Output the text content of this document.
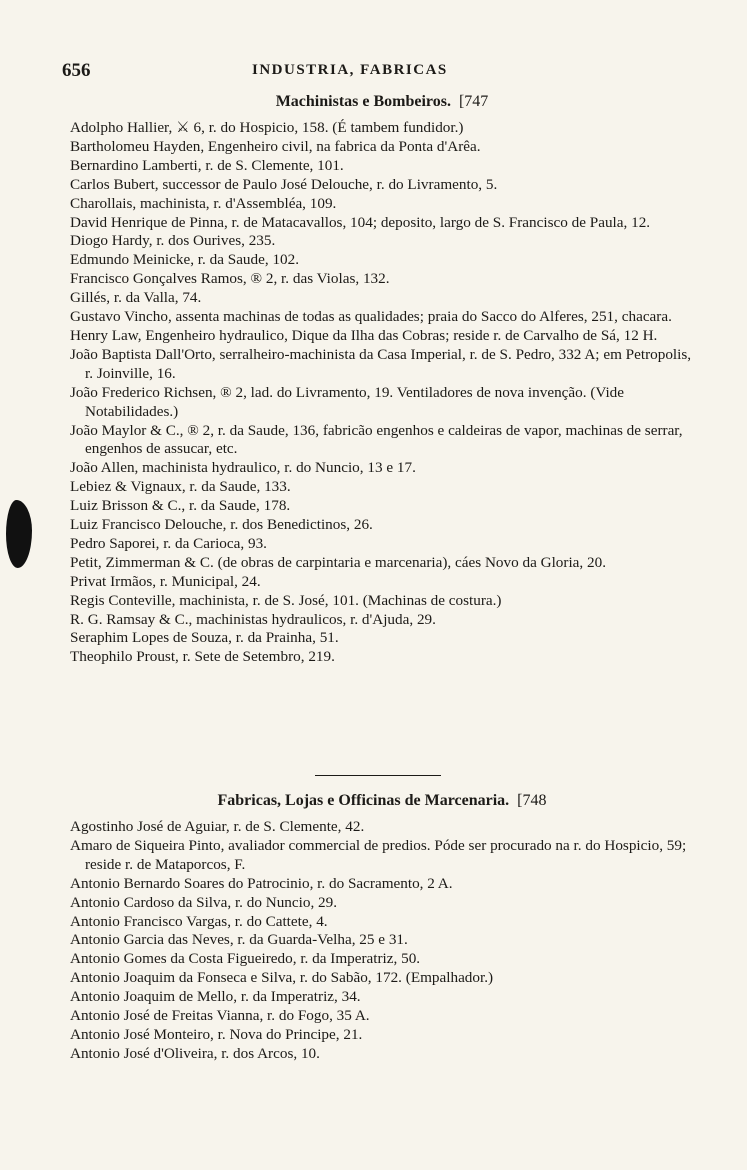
656	INDUSTRIA, FABRICAS
Machinistas e Bombeiros. [747

Adolpho Hallier, ⚔ 6, r. do Hospicio, 158. (É tambem fundidor.)

Bartholomeu Hayden, Engenheiro civil, na fabrica da Ponta d'Arêa.

Bernardino Lamberti, r. de S. Clemente, 101.

Carlos Bubert, successor de Paulo José Delouche, r. do Livramento, 5.

Charollais, machinista, r. d'Assembléa, 109.

David Henrique de Pinna, r. de Matacavallos, 104; deposito, largo de S. Francisco de Paula, 12.

Diogo Hardy, r. dos Ourives, 235.

Edmundo Meinicke, r. da Saude, 102.

Francisco Gonçalves Ramos, ® 2, r. das Violas, 132.

Gillés, r. da Valla, 74.

Gustavo Vincho, assenta machinas de todas as qualidades; praia do Sacco do Alferes, 251, chacara.

Henry Law, Engenheiro hydraulico, Dique da Ilha das Cobras; reside r. de Carvalho de Sá, 12 H.

João Baptista Dall'Orto, serralheiro-machinista da Casa Imperial, r. de S. Pedro, 332 A; em Petropolis, r. Joinville, 16.

João Frederico Richsen, ® 2, lad. do Livramento, 19. Ventiladores de nova invenção. (Vide Notabilidades.)

João Maylor & C., ® 2, r. da Saude, 136, fabricão engenhos e caldeiras de vapor, machinas de serrar, engenhos de assucar, etc.

João Allen, machinista hydraulico, r. do Nuncio, 13 e 17.

Lebiez & Vignaux, r. da Saude, 133.

Luiz Brisson & C., r. da Saude, 178.

Luiz Francisco Delouche, r. dos Benedictinos, 26.

Pedro Saporei, r. da Carioca, 93.

Petit, Zimmerman & C. (de obras de carpintaria e marcenaria), cáes Novo da Gloria, 20.

Privat Irmãos, r. Municipal, 24.

Regis Conteville, machinista, r. de S. José, 101. (Machinas de costura.)

R. G. Ramsay & C., machinistas hydraulicos, r. d'Ajuda, 29.

Seraphim Lopes de Souza, r. da Prainha, 51.

Theophilo Proust, r. Sete de Setembro, 219.

Fabricas, Lojas e Officinas de Marcenaria. [748

Agostinho José de Aguiar, r. de S. Clemente, 42.

Amaro de Siqueira Pinto, avaliador commercial de predios. Póde ser procurado na r. do Hospicio, 59; reside r. de Mataporcos, F.

Antonio Bernardo Soares do Patrocinio, r. do Sacramento, 2 A.

Antonio Cardoso da Silva, r. do Nuncio, 29.

Antonio Francisco Vargas, r. do Cattete, 4.

Antonio Garcia das Neves, r. da Guarda-Velha, 25 e 31.

Antonio Gomes da Costa Figueiredo, r. da Imperatriz, 50.

Antonio Joaquim da Fonseca e Silva, r. do Sabão, 172. (Empalhador.)

Antonio Joaquim de Mello, r. da Imperatriz, 34.

Antonio José de Freitas Vianna, r. do Fogo, 35 A.

Antonio José Monteiro, r. Nova do Principe, 21.

Antonio José d'Oliveira, r. dos Arcos, 10.
